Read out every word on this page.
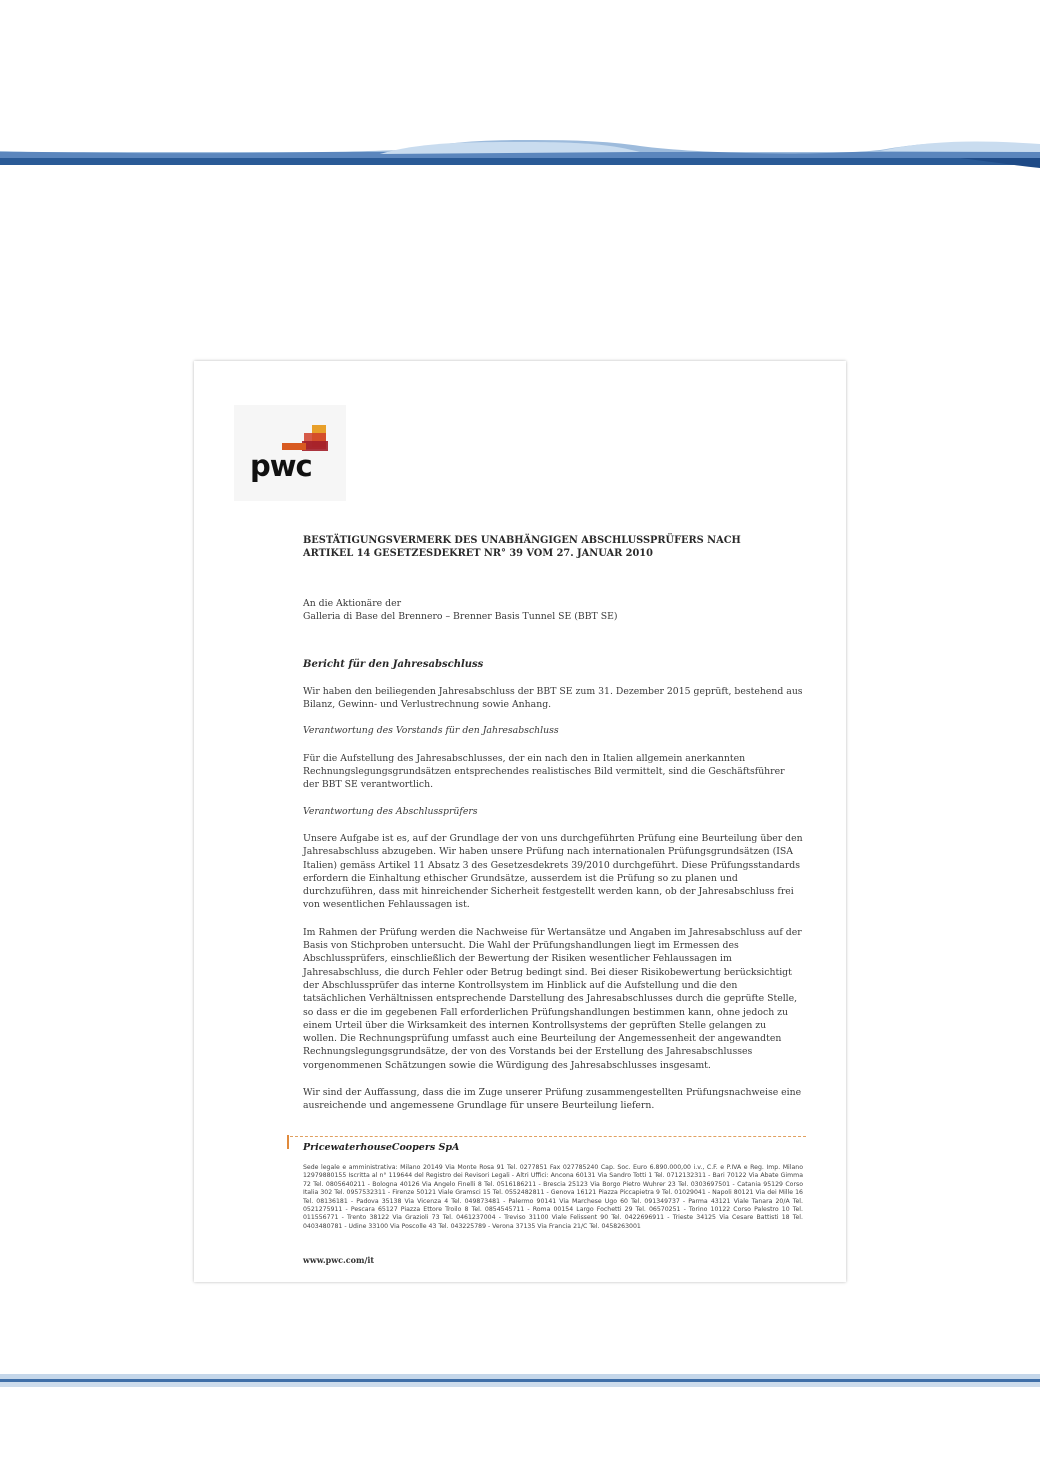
pwc
BESTÄTIGUNGSVERMERK DES UNABHÄNGIGEN ABSCHLUSSPRÜFERS NACH
ARTIKEL 14 GESETZESDEKRET NR° 39 VOM 27. JANUAR 2010
An die Aktionäre der
Galleria di Base del Brennero – Brenner Basis Tunnel SE (BBT SE)
Bericht für den Jahresabschluss

Wir haben den beiliegenden Jahresabschluss der BBT SE zum 31. Dezember 2015 geprüft, bestehend aus Bilanz, Gewinn- und Verlustrechnung sowie Anhang.

Verantwortung des Vorstands für den Jahresabschluss

Für die Aufstellung des Jahresabschlusses, der ein nach den in Italien allgemein anerkannten Rechnungslegungsgrundsätzen entsprechendes realistisches Bild vermittelt, sind die Geschäftsführer der BBT SE verantwortlich.

Verantwortung des Abschlussprüfers

Unsere Aufgabe ist es, auf der Grundlage der von uns durchgeführten Prüfung eine Beurteilung über den Jahresabschluss abzugeben. Wir haben unsere Prüfung nach internationalen Prüfungsgrundsätzen (ISA Italien) gemäss Artikel 11 Absatz 3 des Gesetzesdekrets 39/2010 durchgeführt. Diese Prüfungsstandards erfordern die Einhaltung ethischer Grundsätze, ausserdem ist die Prüfung so zu planen und durchzuführen, dass mit hinreichender Sicherheit festgestellt werden kann, ob der Jahresabschluss frei von wesentlichen Fehlaussagen ist.

Im Rahmen der Prüfung werden die Nachweise für Wertansätze und Angaben im Jahresabschluss auf der Basis von Stichproben untersucht. Die Wahl der Prüfungshandlungen liegt im Ermessen des Abschlussprüfers, einschließlich der Bewertung der Risiken wesentlicher Fehlaussagen im Jahresabschluss, die durch Fehler oder Betrug bedingt sind. Bei dieser Risikobewertung berücksichtigt der Abschlussprüfer das interne Kontrollsystem im Hinblick auf die Aufstellung und die den tatsächlichen Verhältnissen entsprechende Darstellung des Jahresabschlusses durch die geprüfte Stelle, so dass er die im gegebenen Fall erforderlichen Prüfungshandlungen bestimmen kann, ohne jedoch zu einem Urteil über die Wirksamkeit des internen Kontrollsystems der geprüften Stelle gelangen zu wollen. Die Rechnungsprüfung umfasst auch eine Beurteilung der Angemessenheit der angewandten Rechnungslegungsgrundsätze, der von des Vorstands bei der Erstellung des Jahresabschlusses vorgenommenen Schätzungen sowie die Würdigung des Jahresabschlusses insgesamt.

Wir sind der Auffassung, dass die im Zuge unserer Prüfung zusammengestellten Prüfungsnachweise eine ausreichende und angemessene Grundlage für unsere Beurteilung liefern.

PricewaterhouseCoopers SpA
Sede legale e amministrativa: Milano 20149 Via Monte Rosa 91 Tel. 0277851 Fax 027785240 Cap. Soc. Euro 6.890.000,00 i.v., C.F. e P.IVA e Reg. Imp. Milano 12979880155 Iscritta al n° 119644 del Registro dei Revisori Legali - Altri Uffici: Ancona 60131 Via Sandro Totti 1 Tel. 0712132311 - Bari 70122 Via Abate Gimma 72 Tel. 0805640211 - Bologna 40126 Via Angelo Finelli 8 Tel. 0516186211 - Brescia 25123 Via Borgo Pietro Wuhrer 23 Tel. 0303697501 - Catania 95129 Corso Italia 302 Tel. 0957532311 - Firenze 50121 Viale Gramsci 15 Tel. 0552482811 - Genova 16121 Piazza Piccapietra 9 Tel. 01029041 - Napoli 80121 Via dei Mille 16 Tel. 08136181 - Padova 35138 Via Vicenza 4 Tel. 049873481 - Palermo 90141 Via Marchese Ugo 60 Tel. 091349737 - Parma 43121 Viale Tanara 20/A Tel. 0521275911 - Pescara 65127 Piazza Ettore Troilo 8 Tel. 0854545711 - Roma 00154 Largo Fochetti 29 Tel. 06570251 - Torino 10122 Corso Palestro 10 Tel. 011556771 - Trento 38122 Via Grazioli 73 Tel. 0461237004 - Treviso 31100 Viale Felissent 90 Tel. 0422696911 - Trieste 34125 Via Cesare Battisti 18 Tel. 0403480781 - Udine 33100 Via Poscolle 43 Tel. 043225789 - Verona 37135 Via Francia 21/C Tel. 0458263001
www.pwc.com/it
